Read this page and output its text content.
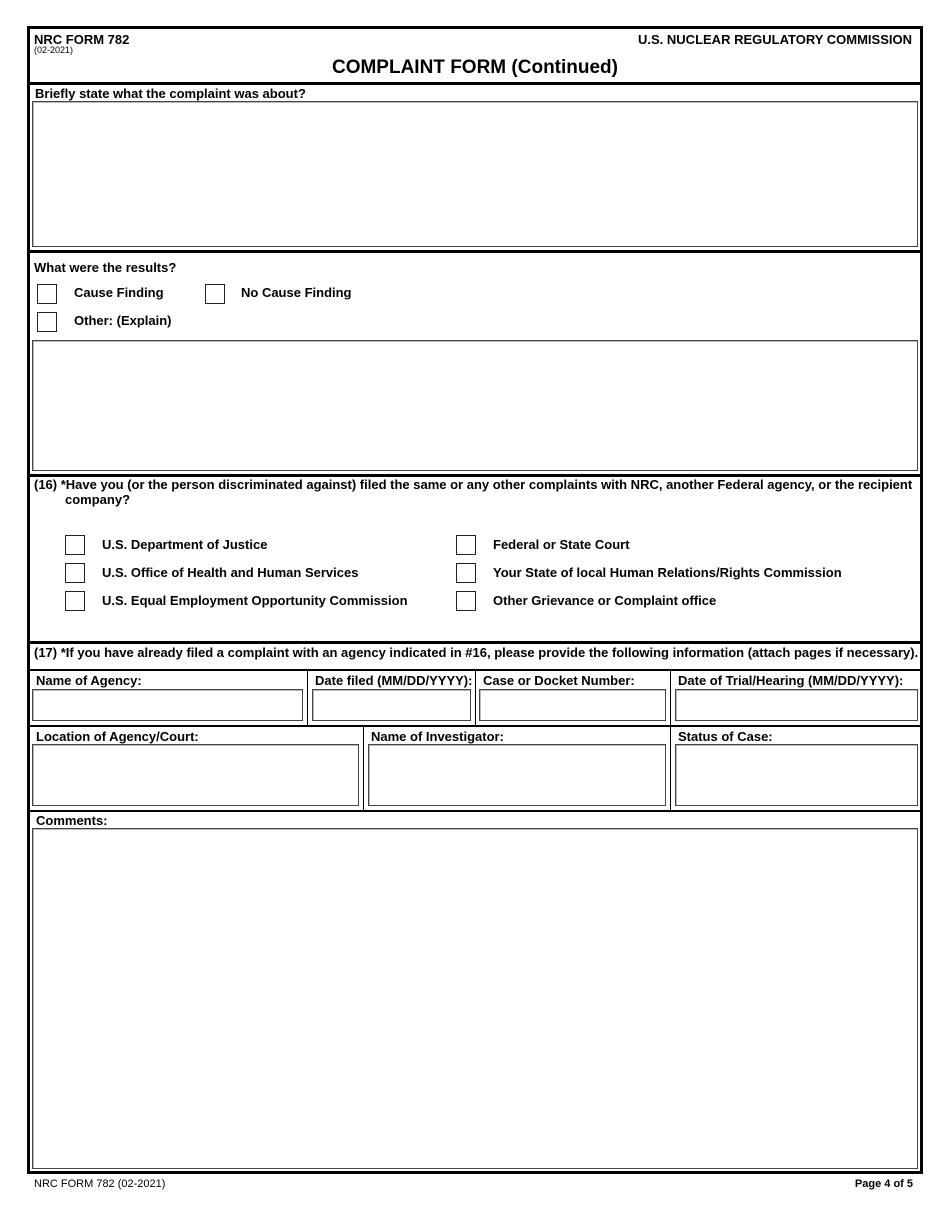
NRC FORM 782
(02-2021)
U.S. NUCLEAR REGULATORY COMMISSION
COMPLAINT FORM (Continued)
Briefly state what the complaint was about?
What were the results?
Cause Finding	No Cause Finding
Other: (Explain)
(16) *Have you (or the person discriminated against) filed the same or any other complaints with NRC, another Federal agency, or the recipient
company?
U.S. Department of Justice
U.S. Office of Health and Human Services
U.S. Equal Employment Opportunity Commission
Federal or State Court
Your State of local Human Relations/Rights Commission
Other Grievance or Complaint office
(17) *If you have already filed a complaint with an agency indicated in #16, please provide the following information (attach pages if necessary).
Name of Agency:	Date filed (MM/DD/YYYY): Case or Docket Number:	Date of Trial/Hearing (MM/DD/YYYY):
Location of Agency/Court:	Name of Investigator:	Status of Case:
Comments:
NRC FORM 782 (02-2021)	Page 4 of 5
